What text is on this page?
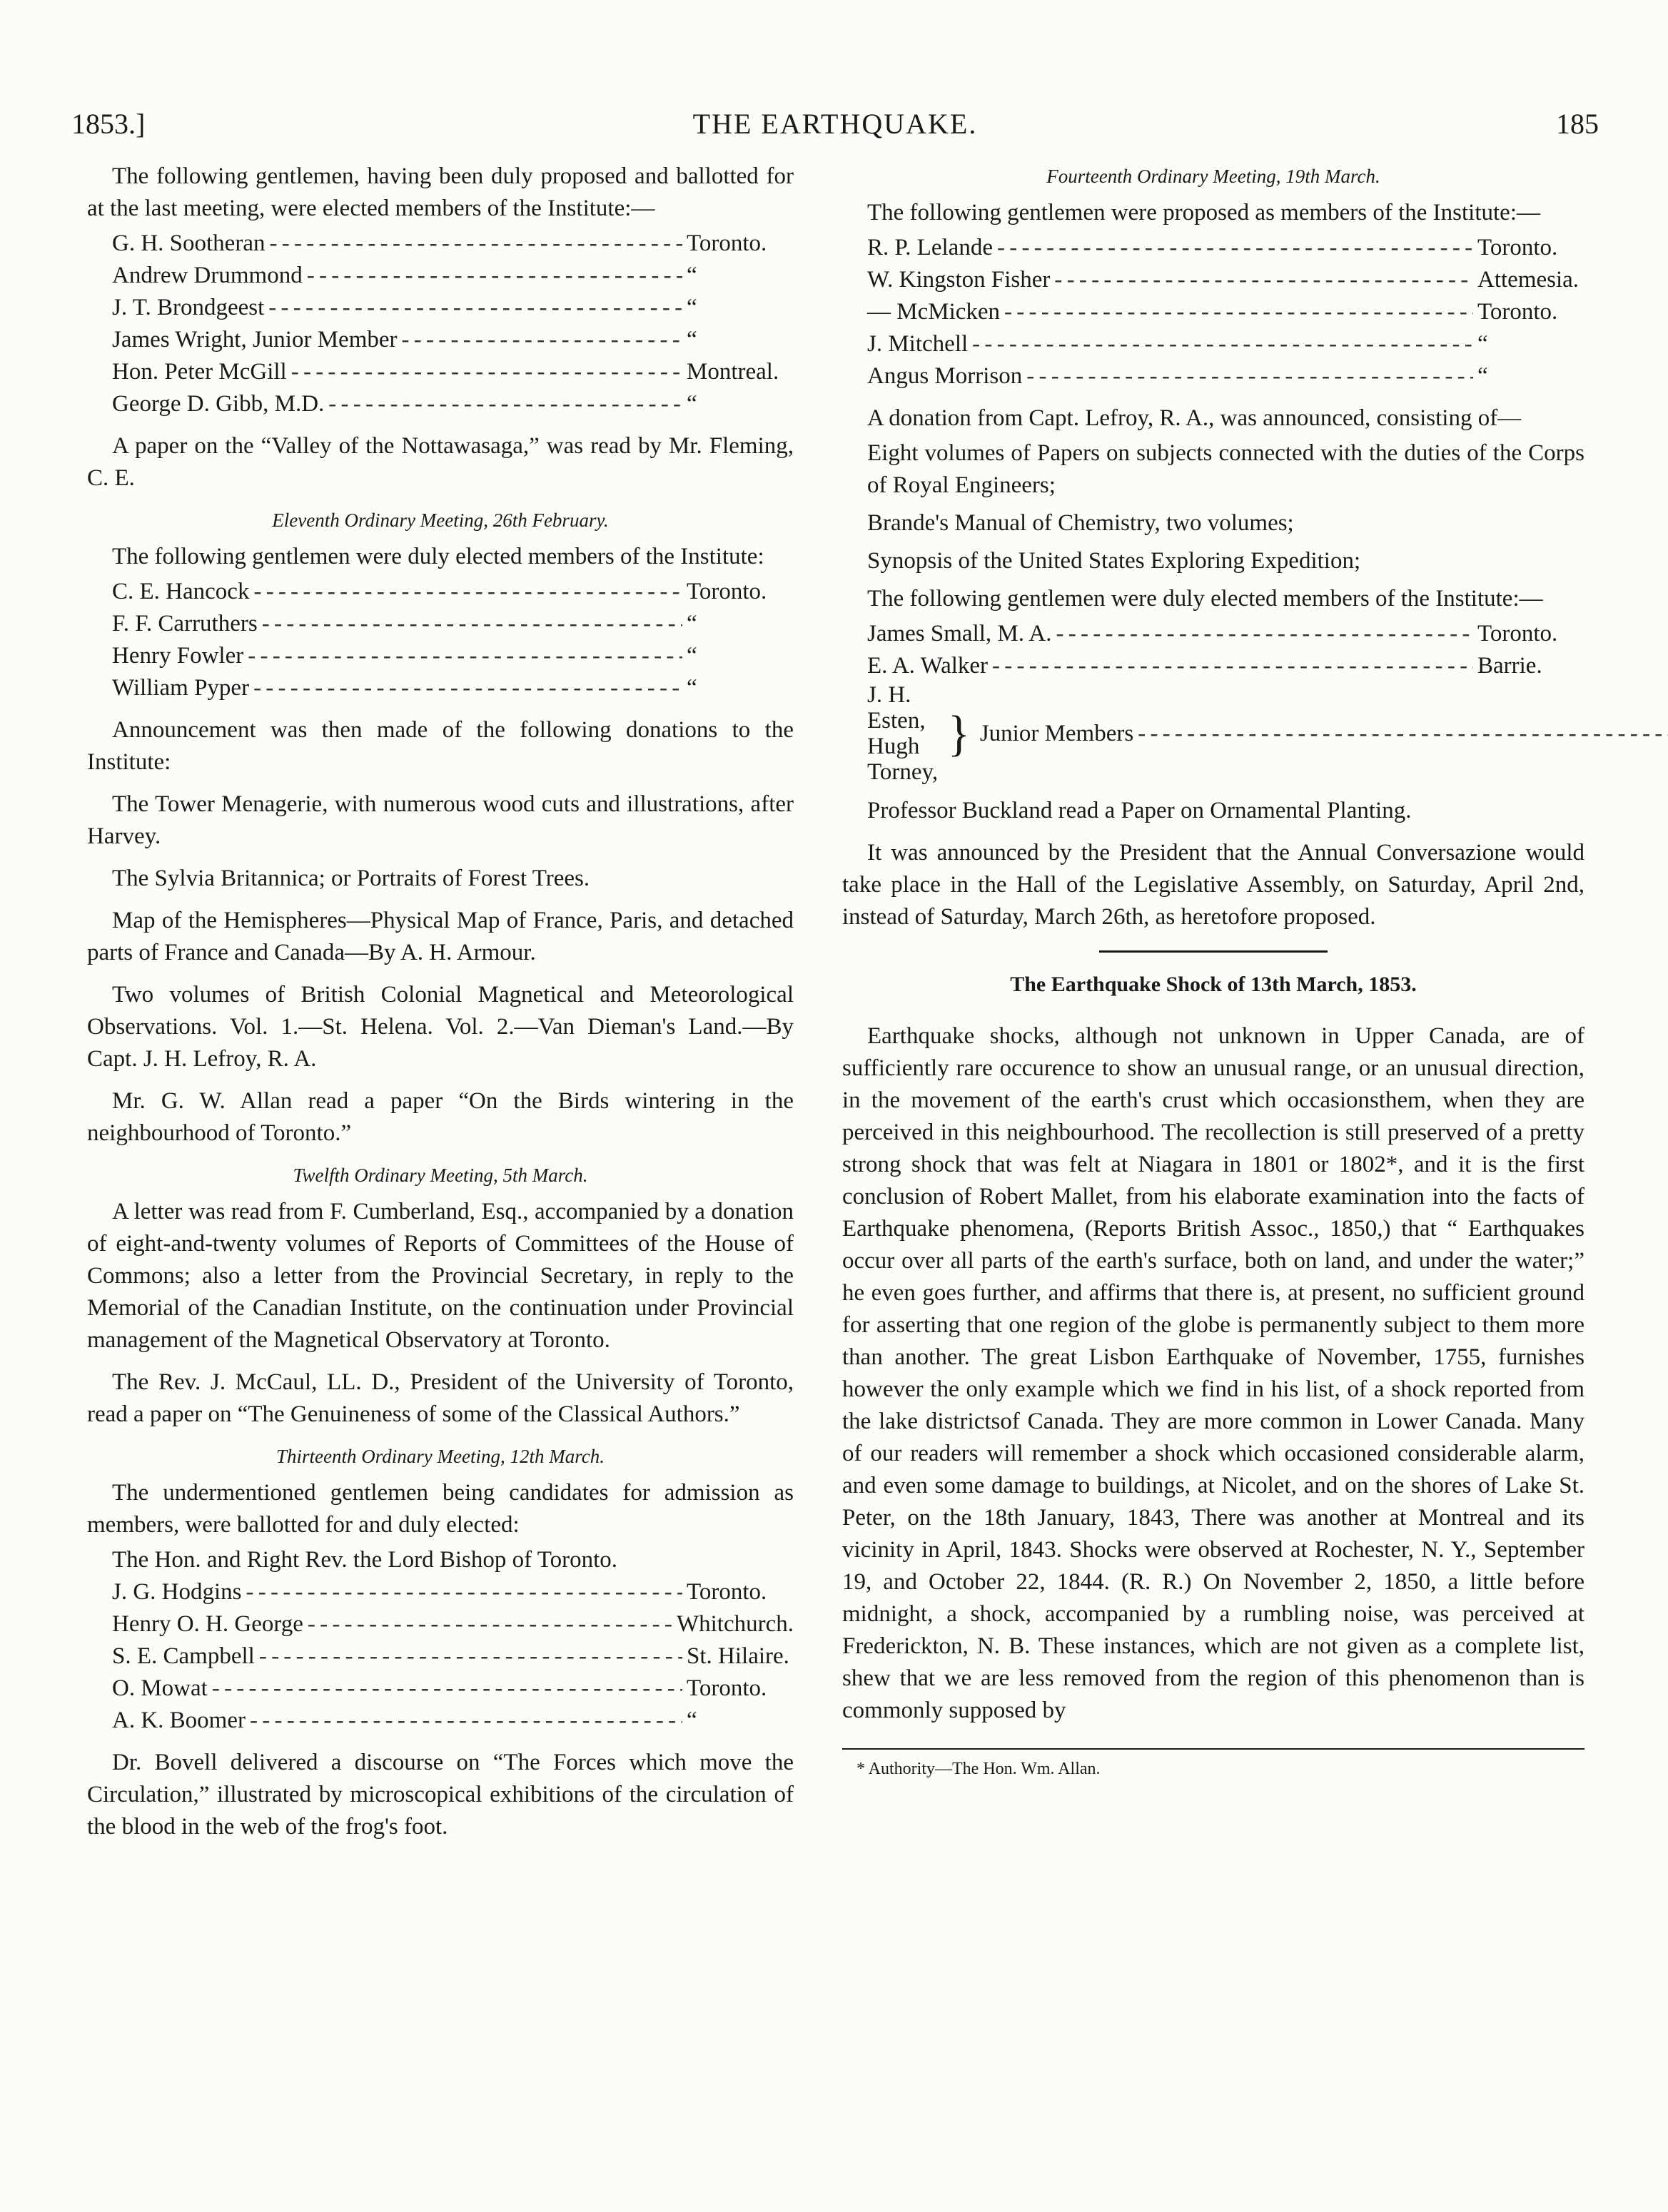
1853.]	THE EARTHQUAKE.	185

The following gentlemen, having been duly proposed and ballotted for at the last meeting, were elected members of the Institute:—

G. H. Sootheran - - -	Toronto.
Andrew Drummond - - -	“
J. T. Brondgeest - - -	“
James Wright, Junior Member - - -	“
Hon. Peter McGill - - -	Montreal.
George D. Gibb, M.D. - - -	“

A paper on the “Valley of the Nottawasaga,” was read by Mr. Fleming, C. E.

Eleventh Ordinary Meeting, 26th February.

The following gentlemen were duly elected members of the Institute:

C. E. Hancock - - -	Toronto.
F. F. Carruthers - - -	“
Henry Fowler - - -	“
William Pyper - - -	“

Announcement was then made of the following donations to the Institute:

The Tower Menagerie, with numerous wood cuts and illustrations, after Harvey.

The Sylvia Britannica; or Portraits of Forest Trees.

Map of the Hemispheres—Physical Map of France, Paris, and detached parts of France and Canada—By A. H. Armour.

Two volumes of British Colonial Magnetical and Meteorological Observations. Vol. 1.—St. Helena. Vol. 2.—Van Dieman's Land.—By Capt. J. H. Lefroy, R. A.

Mr. G. W. Allan read a paper “On the Birds wintering in the neighbourhood of Toronto.”

Twelfth Ordinary Meeting, 5th March.

A letter was read from F. Cumberland, Esq., accompanied by a donation of eight-and-twenty volumes of Reports of Committees of the House of Commons; also a letter from the Provincial Secretary, in reply to the Memorial of the Canadian Institute, on the continuation under Provincial management of the Magnetical Observatory at Toronto.

The Rev. J. McCaul, LL. D., President of the University of Toronto, read a paper on “The Genuineness of some of the Classical Authors.”

Thirteenth Ordinary Meeting, 12th March.

The undermentioned gentlemen being candidates for admission as members, were ballotted for and duly elected:

The Hon. and Right Rev. the Lord Bishop of Toronto.
J. G. Hodgins - - -	Toronto.
Henry O. H. George - - -	Whitchurch.
S. E. Campbell - - -	St. Hilaire.
O. Mowat - - -	Toronto.
A. K. Boomer - - -	“

Dr. Bovell delivered a discourse on “The Forces which move the Circulation,” illustrated by microscopical exhibitions of the circulation of the blood in the web of the frog's foot.

Fourteenth Ordinary Meeting, 19th March.

The following gentlemen were proposed as members of the Institute:—

R. P. Lelande - - -	Toronto.
W. Kingston Fisher - - -	Attemesia.
— McMicken - - -	Toronto.
J. Mitchell - - -	“
Angus Morrison - - -	“

A donation from Capt. Lefroy, R. A., was announced, consisting of—

Eight volumes of Papers on subjects connected with the duties of the Corps of Royal Engineers;

Brande's Manual of Chemistry, two volumes;

Synopsis of the United States Exploring Expedition;

The following gentlemen were duly elected members of the Institute:—

James Small, M. A. - - -	Toronto.
E. A. Walker - - -	Barrie.
J. H. Esten,
Hugh Torney,
} Junior Members
- - -

Professor Buckland read a Paper on Ornamental Planting.

It was announced by the President that the Annual Conversazione would take place in the Hall of the Legislative Assembly, on Saturday, April 2nd, instead of Saturday, March 26th, as heretofore proposed.

The Earthquake Shock of 13th March, 1853.

Earthquake shocks, although not unknown in Upper Canada, are of sufficiently rare occurence to show an unusual range, or an unusual direction, in the movement of the earth's crust which occasionsthem, when they are perceived in this neighbourhood. The recollection is still preserved of a pretty strong shock that was felt at Niagara in 1801 or 1802*, and it is the first conclusion of Robert Mallet, from his elaborate examination into the facts of Earthquake phenomena, (Reports British Assoc., 1850,) that “ Earthquakes occur over all parts of the earth's surface, both on land, and under the water;” he even goes further, and affirms that there is, at present, no sufficient ground for asserting that one region of the globe is permanently subject to them more than another. The great Lisbon Earthquake of November, 1755, furnishes however the only example which we find in his list, of a shock reported from the lake districtsof Canada. They are more common in Lower Canada. Many of our readers will remember a shock which occasioned considerable alarm, and even some damage to buildings, at Nicolet, and on the shores of Lake St. Peter, on the 18th January, 1843, There was another at Montreal and its vicinity in April, 1843. Shocks were observed at Rochester, N. Y., September 19, and October 22, 1844. (R. R.) On November 2, 1850, a little before midnight, a shock, accompanied by a rumbling noise, was perceived at Frederickton, N. B. These instances, which are not given as a complete list, shew that we are less removed from the region of this phenomenon than is commonly supposed by

* Authority—The Hon. Wm. Allan.
